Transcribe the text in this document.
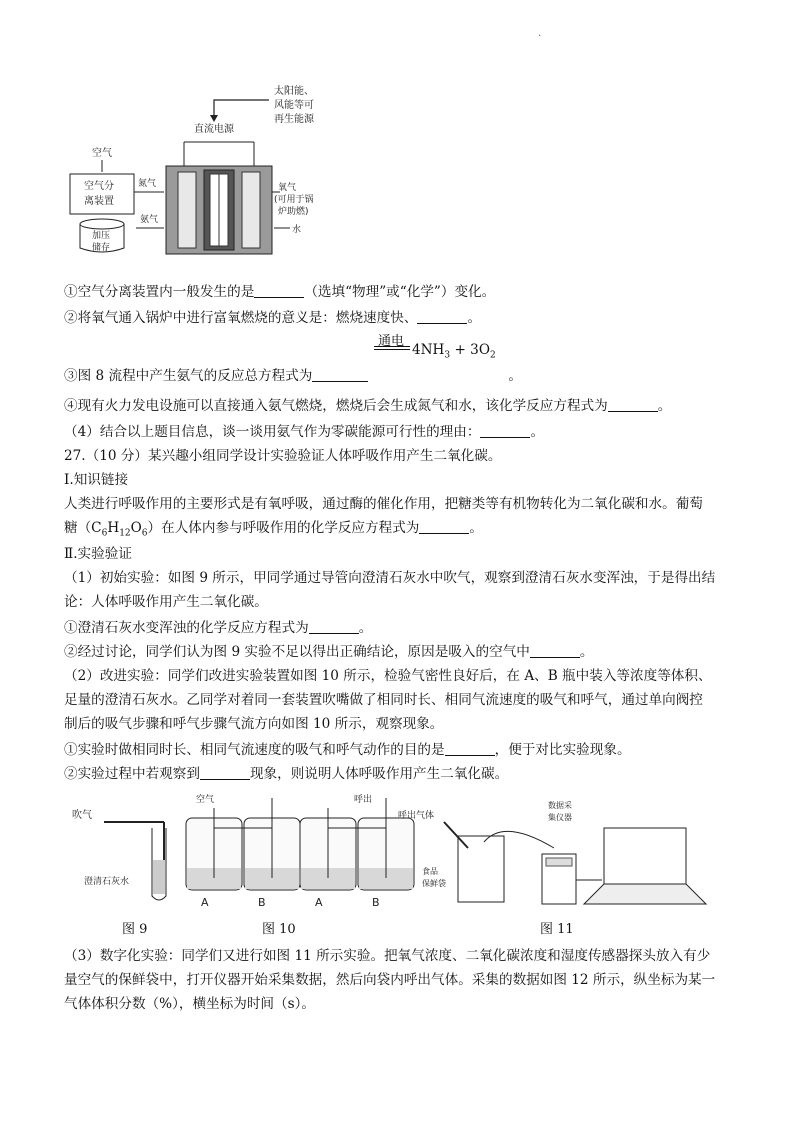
.
太阳能、
风能等可
再生能源
直流电源
空气
空气分
离装置
氮气	氧气
(可用于锅
炉助燃)
氨气
水
加压
储存
①空气分离装置内一般发生的是	（选填“物理”或“化学”）变化。
②将氧气通入锅炉中进行富氧燃烧的意义是：燃烧速度快、	。
通电
$4NH_3 + 3O_2$
③图 8 流程中产生氨气的反应总方程式为	。
④现有火力发电设施可以直接通入氨气燃烧，燃烧后会生成氮气和水，该化学反应方程式为	。
（4）结合以上题目信息，谈一谈用氨气作为零碳能源可行性的理由：	。
27.（10 分）某兴趣小组同学设计实验验证人体呼吸作用产生二氧化碳。
Ⅰ.知识链接
人类进行呼吸作用的主要形式是有氧呼吸，通过酶的催化作用，把糖类等有机物转化为二氧化碳和水。葡萄
糖$(C_6H_{12}O_6)$在人体内参与呼吸作用的化学反应方程式为	。
Ⅱ.实验验证
（1）初始实验：如图 9 所示，甲同学通过导管向澄清石灰水中吹气，观察到澄清石灰水变浑浊，于是得出结
论：人体呼吸作用产生二氧化碳。
①澄清石灰水变浑浊的化学反应方程式为	。
②经过讨论，同学们认为图 9 实验不足以得出正确结论，原因是吸入的空气中	。
（2）改进实验：同学们改进实验装置如图 10 所示，检验气密性良好后，在 A、B 瓶中装入等浓度等体积、
足量的澄清石灰水。乙同学对着同一套装置吹嘴做了相同时长、相同气流速度的吸气和呼气，通过单向阀控
制后的吸气步骤和呼气步骤气流方向如图 10 所示，观察现象。
①实验时做相同时长、相同气流速度的吸气和呼气动作的目的是	，便于对比实验现象。
②实验过程中若观察到	现象，则说明人体呼吸作用产生二氧化碳。
吹气
澄清石灰水
空气
A	B
呼出
A	B
呼出气体
食品
保鲜袋
数据采
集仪器
图 9	图 10	图 11
（3）数字化实验：同学们又进行如图 11 所示实验。把氧气浓度、二氧化碳浓度和湿度传感器探头放入有少
量空气的保鲜袋中，打开仪器开始采集数据，然后向袋内呼出气体。采集的数据如图 12 所示，纵坐标为某一
气体体积分数（%），横坐标为时间（s）。
